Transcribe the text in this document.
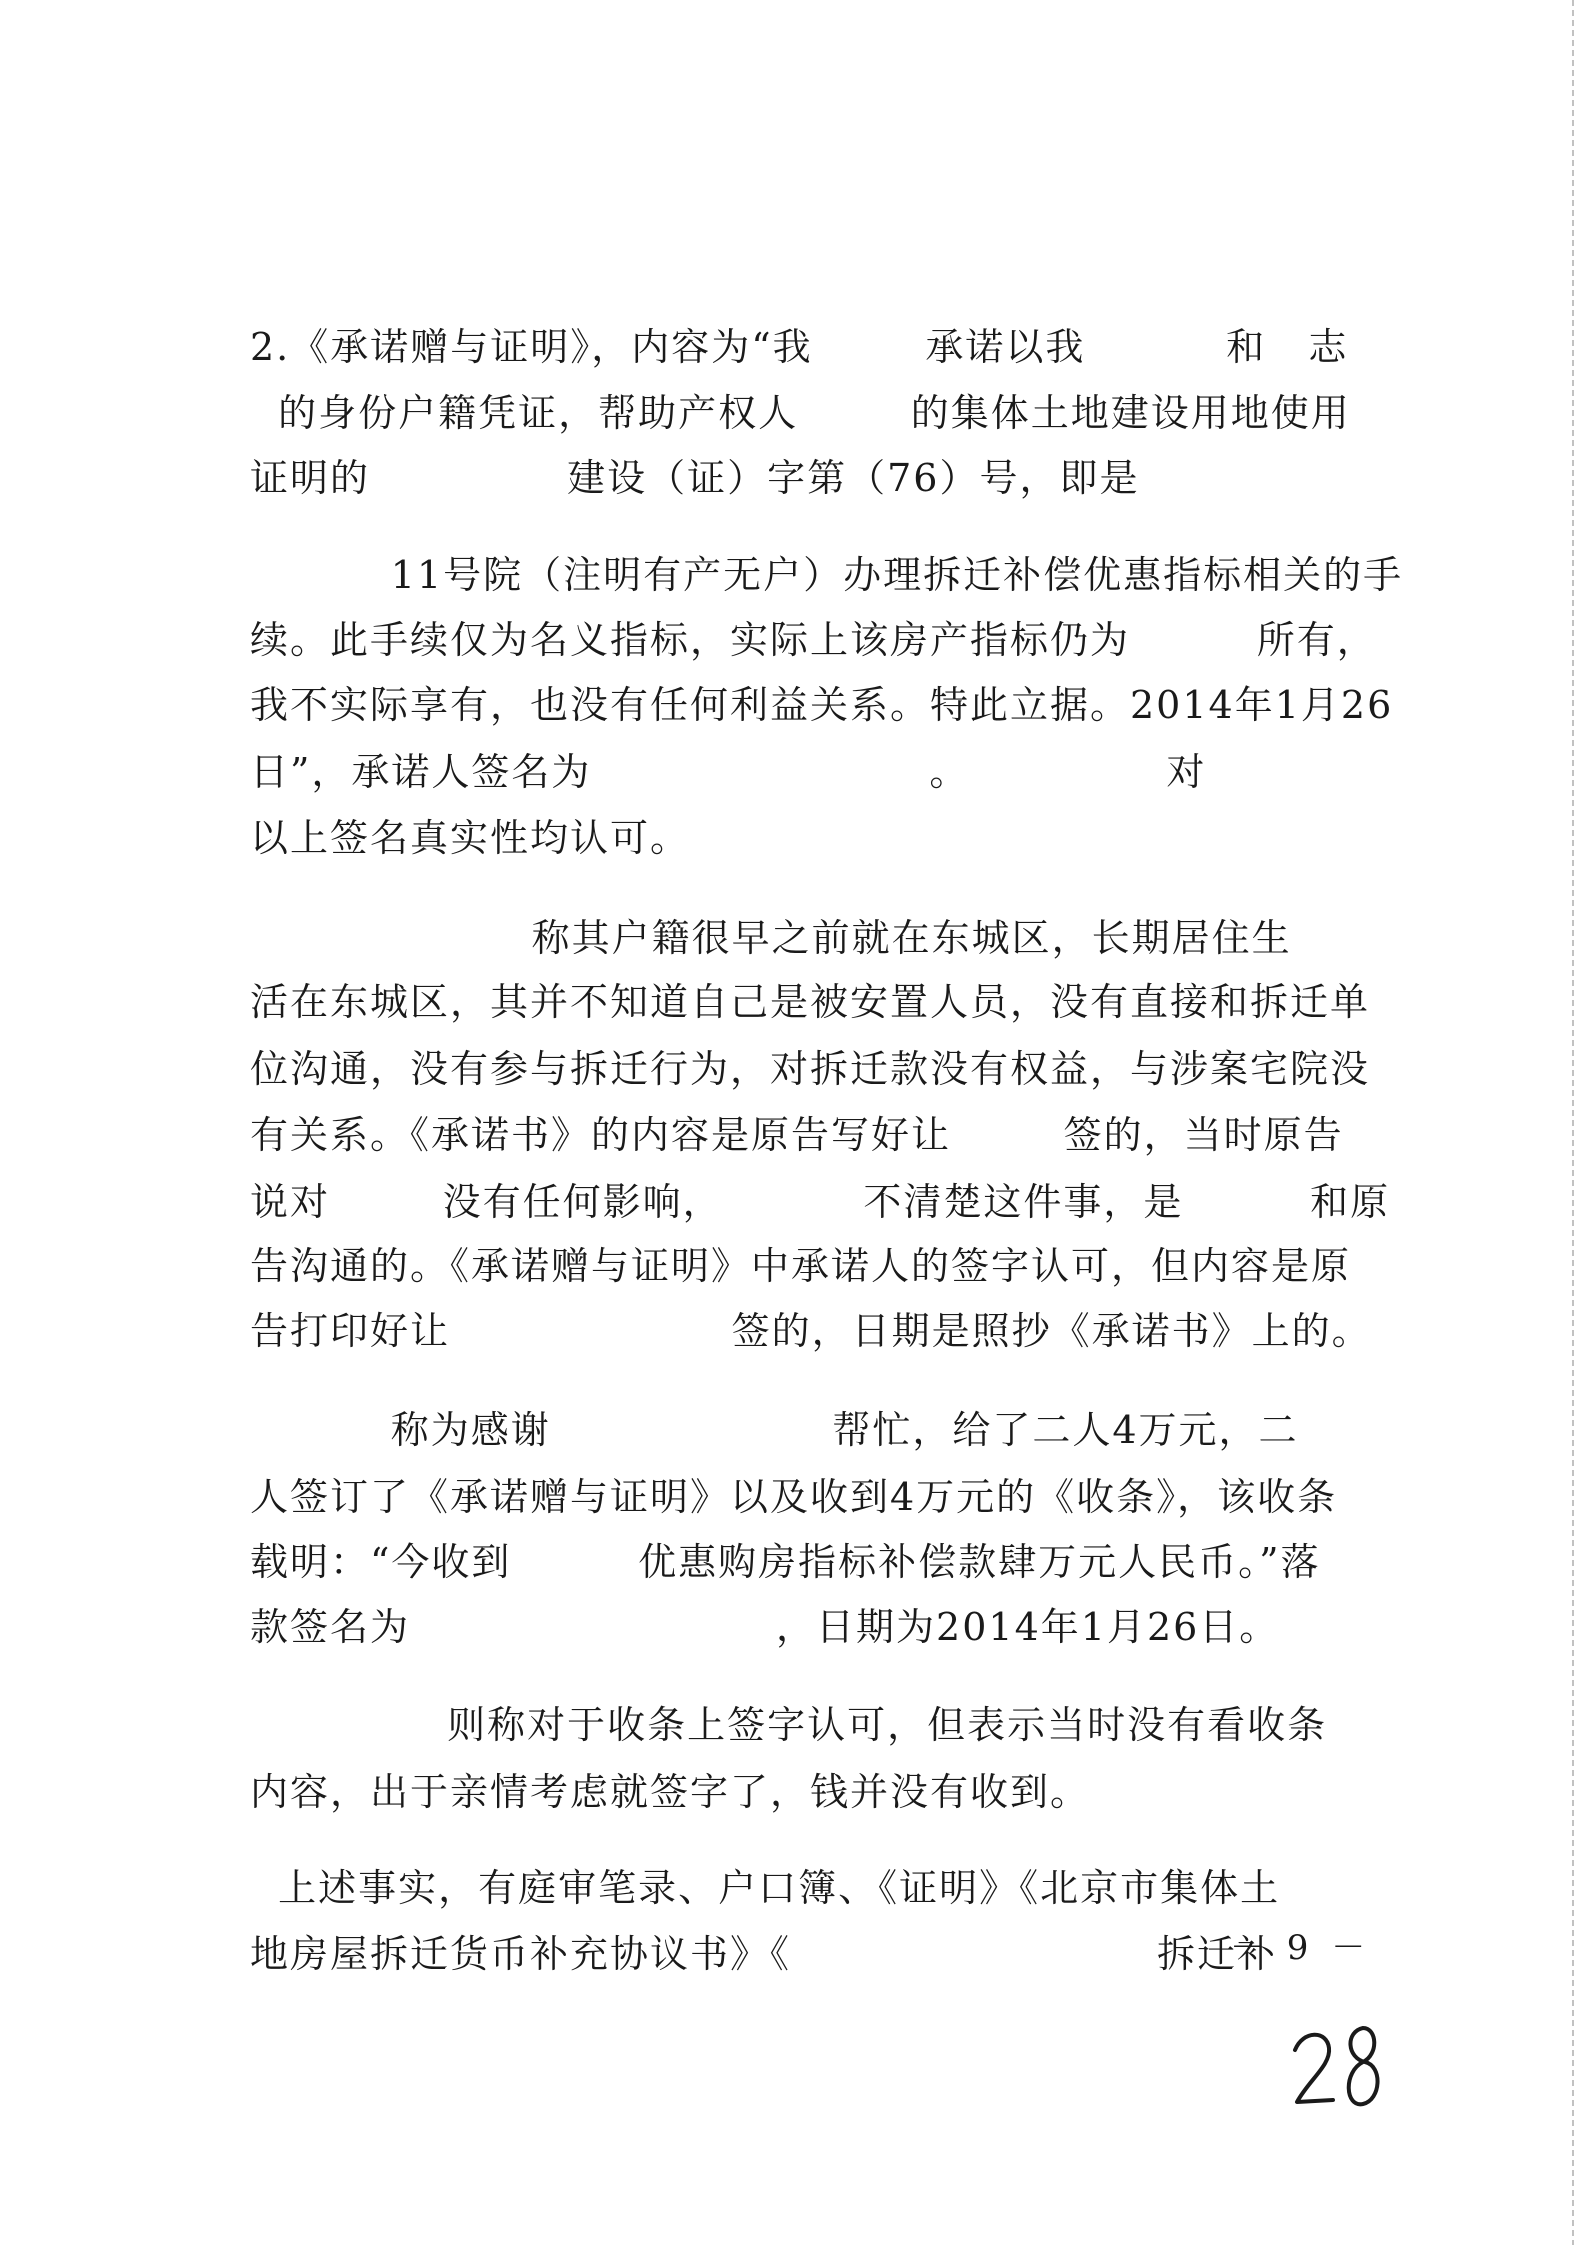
2.《承诺赠与证明》，内容为“我        承诺以我          和   志
的身份户籍凭证，帮助产权人        的集体土地建设用地使用
证明的              建设（证）字第（76）号，即是
11号院（注明有产无户）办理拆迁补偿优惠指标相关的手
续。此手续仅为名义指标，实际上该房产指标仍为         所有，
我不实际享有，也没有任何利益关系。特此立据。2014年1月26
日”，承诺人签名为                        。              对
以上签名真实性均认可。
称其户籍很早之前就在东城区，长期居住生
活在东城区，其并不知道自己是被安置人员，没有直接和拆迁单
位沟通，没有参与拆迁行为，对拆迁款没有权益，与涉案宅院没
有关系。《承诺书》的内容是原告写好让        签的，当时原告
说对        没有任何影响，          不清楚这件事，是         和原
告沟通的。《承诺赠与证明》中承诺人的签字认可，但内容是原
告打印好让                    签的，日期是照抄《承诺书》上的。
称为感谢                    帮忙，给了二人4万元，二
人签订了《承诺赠与证明》以及收到4万元的《收条》，该收条
载明：“今收到         优惠购房指标补偿款肆万元人民币。”落
款签名为                          ，日期为2014年1月26日。
则称对于收条上签字认可，但表示当时没有看收条
内容，出于亲情考虑就签字了，钱并没有收到。
上述事实，有庭审笔录、户口簿、《证明》《北京市集体土
地房屋拆迁货币补充协议书》《                          拆迁补
－ 9 －
